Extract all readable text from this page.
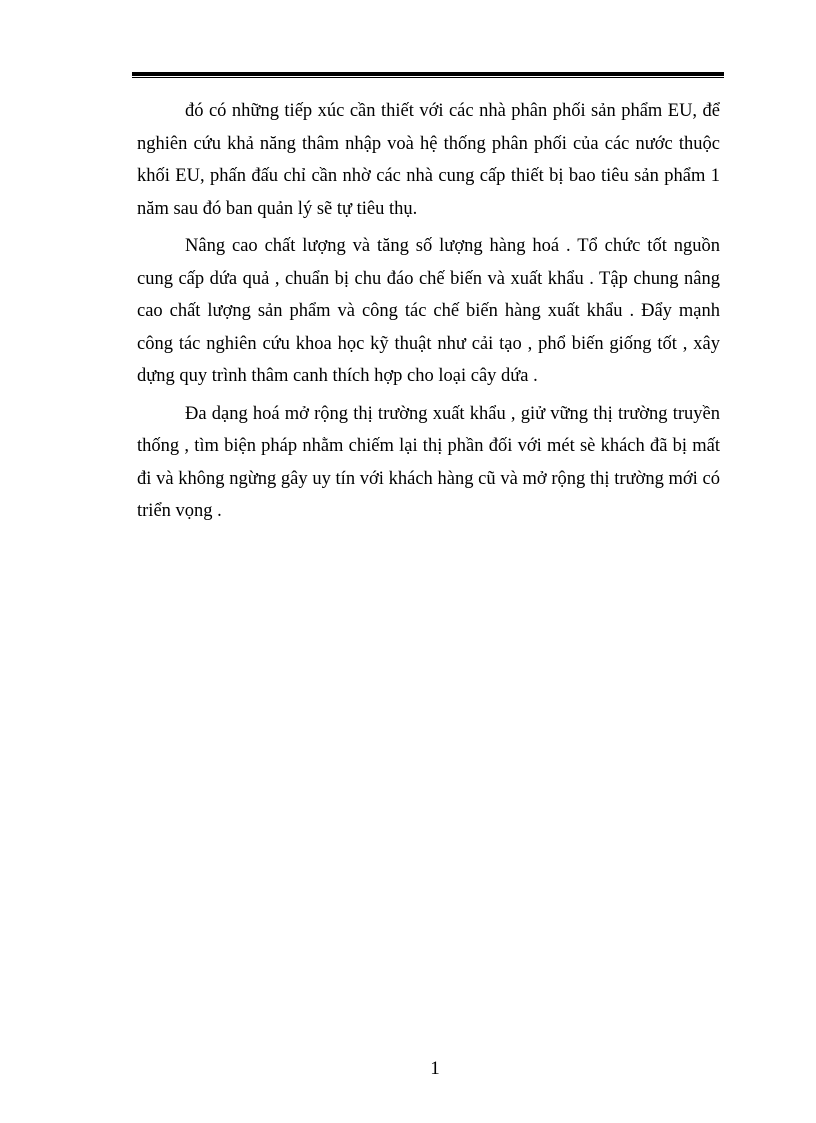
đó có những tiếp xúc cần thiết với các nhà phân phối sản phẩm EU, để nghiên cứu khả năng thâm nhập voà hệ thống phân phối của các nước thuộc khối EU, phấn đấu chỉ cần nhờ các nhà cung cấp thiết bị bao tiêu sản phẩm 1 năm sau đó ban quản lý sẽ tự tiêu thụ.

Nâng cao chất lượng và tăng số lượng hàng hoá . Tổ chức tốt nguồn cung cấp dứa quả , chuẩn bị chu đáo chế biến và xuất khẩu . Tập chung nâng cao chất lượng sản phẩm và công tác chế biến hàng xuất khẩu . Đẩy mạnh công tác nghiên cứu khoa học kỹ thuật như cải tạo , phổ biến giống tốt , xây dựng quy trình thâm canh thích hợp cho loại cây dứa .

Đa dạng hoá mở rộng thị trường xuất khẩu , giử vững thị trường truyền thống , tìm biện pháp nhằm chiếm lại thị phần đối với mét sè khách đã bị mất đi và không ngừng gây uy tín với khách hàng cũ và mở rộng thị trường mới có triển vọng .

1
